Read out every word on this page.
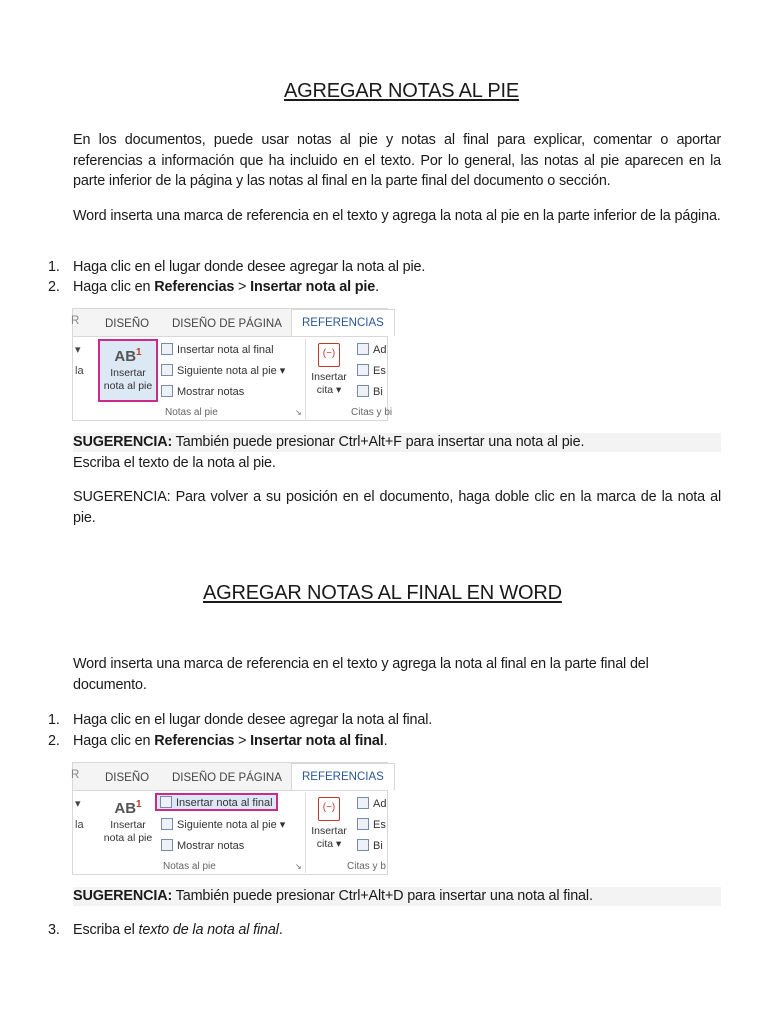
AGREGAR NOTAS AL PIE

En los documentos, puede usar notas al pie y notas al final para explicar, comentar o aportar referencias a información que ha incluido en el texto. Por lo general, las notas al pie aparecen en la parte inferior de la página y las notas al final en la parte final del documento o sección.

Word inserta una marca de referencia en el texto y agrega la nota al pie en la parte inferior de la página.

1. Haga clic en el lugar donde desee agregar la nota al pie.
2. Haga clic en Referencias > Insertar nota al pie.
R DISEÑO DISEÑO DE PÁGINA	REFERENCIAS
▾
la
$AB^1$
Insertar
nota al pie
Insertar nota al final
Siguiente nota al pie ▾
Mostrar notas
Notas al pie	↘
(−)
Insertar
cita ▾
Ad
Es
Bi
Citas y bi
SUGERENCIA: También puede presionar Ctrl+Alt+F para insertar una nota al pie.
Escriba el texto de la nota al pie.

SUGERENCIA: Para volver a su posición en el documento, haga doble clic en la marca de la nota al pie.

AGREGAR NOTAS AL FINAL EN WORD

Word inserta una marca de referencia en el texto y agrega la nota al final en la parte final del documento.

1. Haga clic en el lugar donde desee agregar la nota al final.
2. Haga clic en Referencias > Insertar nota al final.
R DISEÑO DISEÑO DE PÁGINA	REFERENCIAS
▾
la
$AB^1$
Insertar
nota al pie
Insertar nota al final
Siguiente nota al pie ▾
Mostrar notas
Notas al pie	↘
(−)
Insertar
cita ▾
Ad
Es
Bi
Citas y b
SUGERENCIA: También puede presionar Ctrl+Alt+D para insertar una nota al final.
3. Escriba el texto de la nota al final.
